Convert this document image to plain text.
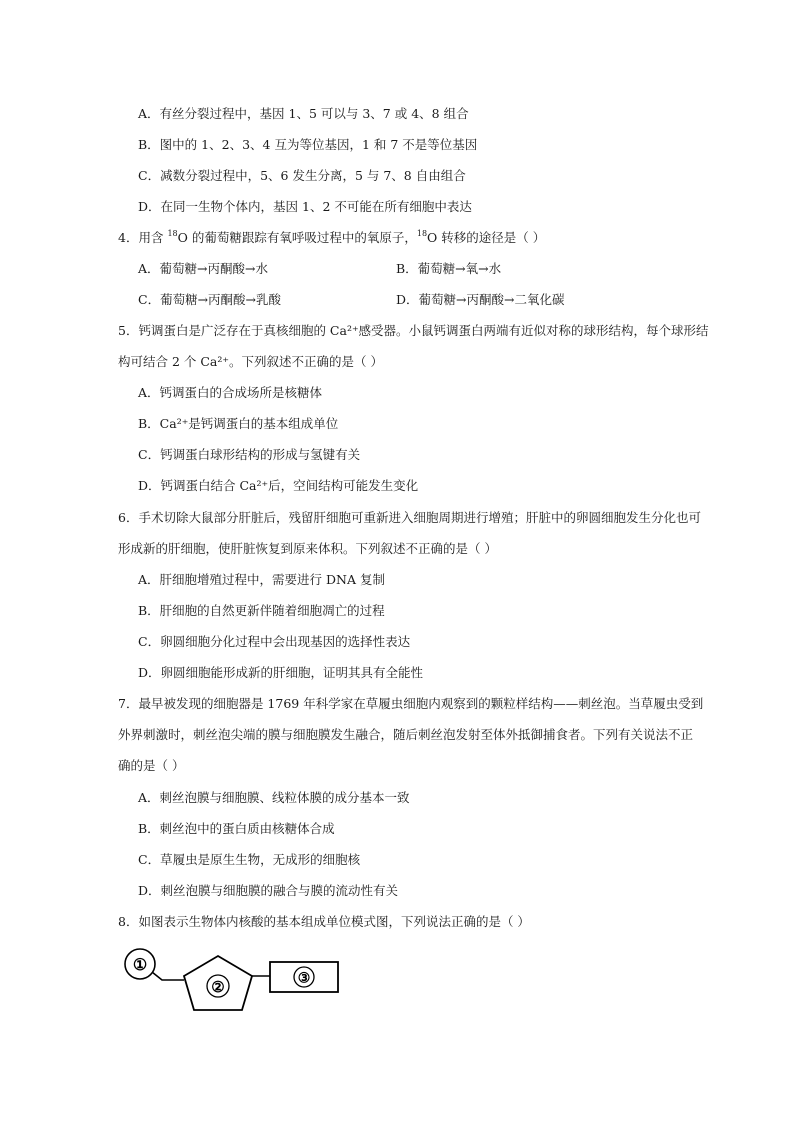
A．有丝分裂过程中，基因 1、5 可以与 3、7 或 4、8 组合
B．图中的 1、2、3、4 互为等位基因，1 和 7 不是等位基因
C．减数分裂过程中，5、6 发生分离，5 与 7、8 自由组合
D．在同一生物个体内，基因 1、2 不可能在所有细胞中表达
4．用含 $^{18}$O 的葡萄糖跟踪有氧呼吸过程中的氧原子，$^{18}$O 转移的途径是（ ）
A．葡萄糖→丙酮酸→水	B．葡萄糖→氧→水
C．葡萄糖→丙酮酸→乳酸	D．葡萄糖→丙酮酸→二氧化碳
5．钙调蛋白是广泛存在于真核细胞的 Ca²⁺感受器。小鼠钙调蛋白两端有近似对称的球形结构，每个球形结
构可结合 2 个 Ca²⁺。下列叙述不正确的是（ ）
A．钙调蛋白的合成场所是核糖体
B．Ca²⁺是钙调蛋白的基本组成单位
C．钙调蛋白球形结构的形成与氢键有关
D．钙调蛋白结合 Ca²⁺后，空间结构可能发生变化
6．手术切除大鼠部分肝脏后，残留肝细胞可重新进入细胞周期进行增殖；肝脏中的卵圆细胞发生分化也可
形成新的肝细胞，使肝脏恢复到原来体积。下列叙述不正确的是（ ）
A．肝细胞增殖过程中，需要进行 DNA 复制
B．肝细胞的自然更新伴随着细胞凋亡的过程
C．卵圆细胞分化过程中会出现基因的选择性表达
D．卵圆细胞能形成新的肝细胞，证明其具有全能性
7．最早被发现的细胞器是 1769 年科学家在草履虫细胞内观察到的颗粒样结构——刺丝泡。当草履虫受到
外界刺激时，刺丝泡尖端的膜与细胞膜发生融合，随后刺丝泡发射至体外抵御捕食者。下列有关说法不正
确的是（ ）
A．刺丝泡膜与细胞膜、线粒体膜的成分基本一致
B．刺丝泡中的蛋白质由核糖体合成
C．草履虫是原生生物，无成形的细胞核
D．刺丝泡膜与细胞膜的融合与膜的流动性有关
8．如图表示生物体内核酸的基本组成单位模式图，下列说法正确的是（ ）
①
②	③
